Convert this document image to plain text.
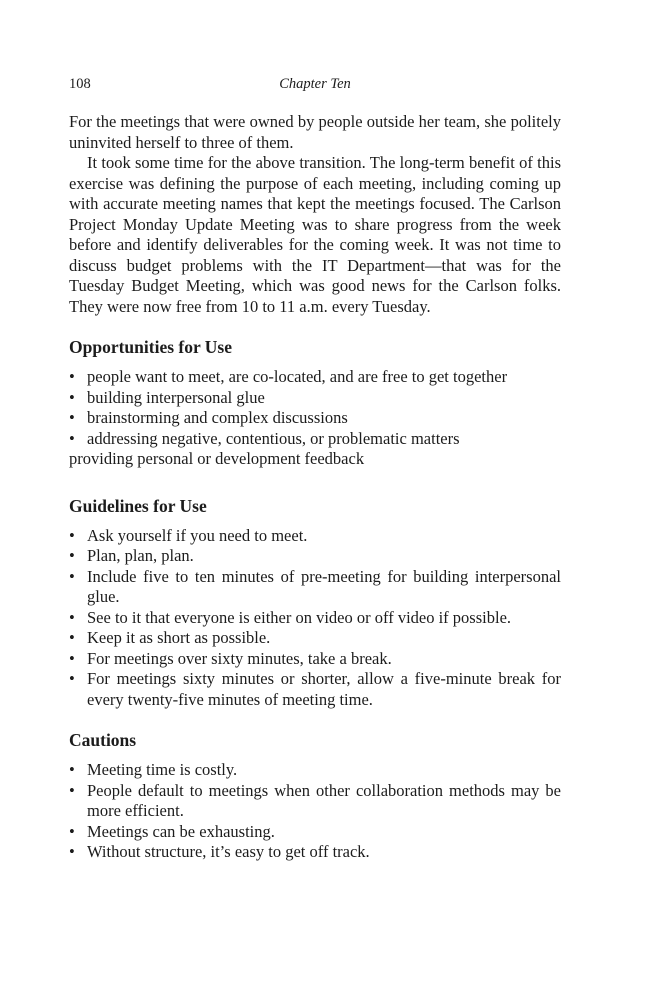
108	Chapter Ten

For the meetings that were owned by people outside her team, she politely uninvited herself to three of them.

It took some time for the above transition. The long-term benefit of this exercise was defining the purpose of each meeting, including coming up with accurate meeting names that kept the meetings focused. The Carlson Project Monday Update Meeting was to share progress from the week before and identify deliverables for the coming week. It was not time to discuss budget problems with the IT Department—that was for the Tuesday Budget Meeting, which was good news for the Carlson folks. They were now free from 10 to 11 a.m. every Tuesday.

Opportunities for Use
• people want to meet, are co-located, and are free to get together
• building interpersonal glue
• brainstorming and complex discussions
• addressing negative, contentious, or problematic matters

providing personal or development feedback

Guidelines for Use
• Ask yourself if you need to meet.
• Plan, plan, plan.
• Include five to ten minutes of pre-meeting for building interpersonal glue.
• See to it that everyone is either on video or off video if possible.
• Keep it as short as possible.
• For meetings over sixty minutes, take a break.
• For meetings sixty minutes or shorter, allow a five-minute break for every twenty-five minutes of meeting time.
Cautions
• Meeting time is costly.
• People default to meetings when other collaboration methods may be more efficient.
• Meetings can be exhausting.
• Without structure, it’s easy to get off track.
